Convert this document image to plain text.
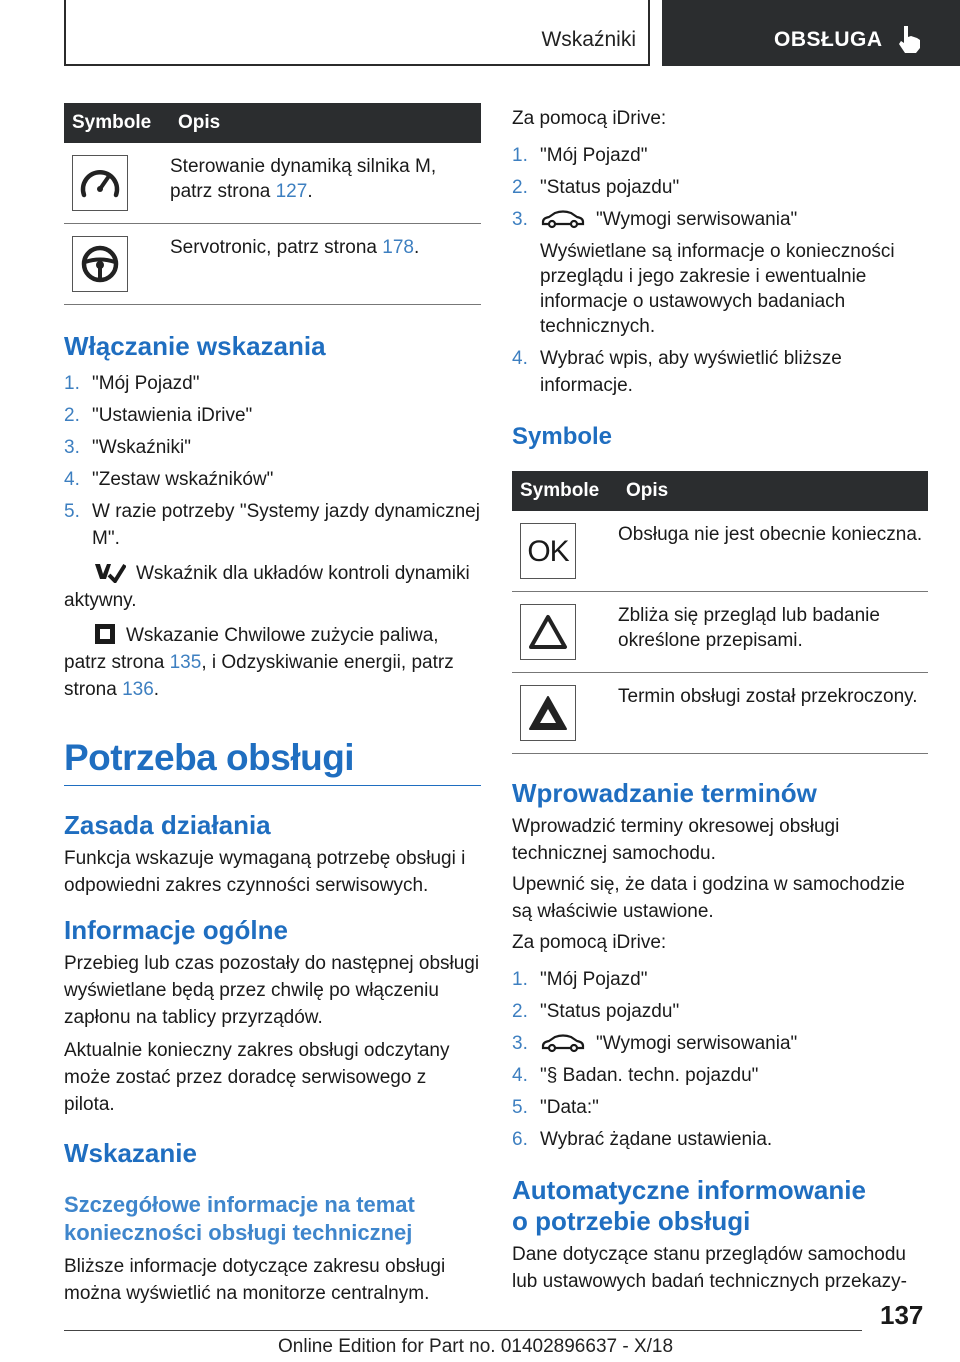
Wskaźniki	OBSŁUGA
Symbole	Opis

	Sterowanie dynamiką silnika M, patrz strona 127.

	Servotronic, patrz strona 178.
Włączanie wskazania
1. "Mój Pojazd"
2. "Ustawienia iDrive"
3. "Wskaźniki"
4. "Zestaw wskaźników"
5. W razie potrzeby "Systemy jazdy dynamicznej M".

Wskaźnik dla układów kontroli dynamiki aktywny.

Wskazanie Chwilowe zużycie paliwa, patrz strona 135, i Odzyskiwanie energii, patrz strona 136.

Potrzeba obsługi
Zasada działania

Funkcja wskazuje wymaganą potrzebę obsługi i odpowiedni zakres czynności serwisowych.

Informacje ogólne

Przebieg lub czas pozostały do następnej obsługi wyświetlane będą przez chwilę po włączeniu zapłonu na tablicy przyrządów.

Aktualnie konieczny zakres obsługi odczytany może zostać przez doradcę serwisowego z pilota.

Wskazanie
Szczegółowe informacje na temat konieczności obsługi technicznej

Bliższe informacje dotyczące zakresu obsługi można wyświetlić na monitorze centralnym.

Za pomocą iDrive:

1. "Mój Pojazd"
2. "Status pojazdu"
3.	"Wymogi serwisowania"

Wyświetlane są informacje o konieczności przeglądu i jego zakresie i ewentualnie informacje o ustawowych badaniach technicznych.

4. Wybrać wpis, aby wyświetlić bliższe informacje.
Symbole
Symbole	Opis

OK	Obsługa nie jest obecnie konieczna.

	Zbliża się przegląd lub badanie określone przepisami.

	Termin obsługi został przekroczony.
Wprowadzanie terminów

Wprowadzić terminy okresowej obsługi technicznej samochodu.

Upewnić się, że data i godzina w samochodzie są właściwie ustawione.

Za pomocą iDrive:

1. "Mój Pojazd"
2. "Status pojazdu"
3.	"Wymogi serwisowania"
4. "§ Badan. techn. pojazdu"
5. "Data:"
6. Wybrać żądane ustawienia.
Automatyczne informowanie
o potrzebie obsługi

Dane dotyczące stanu przeglądów samochodu lub ustawowych badań technicznych przekazy-

137
Online Edition for Part no. 01402896637 - X/18
